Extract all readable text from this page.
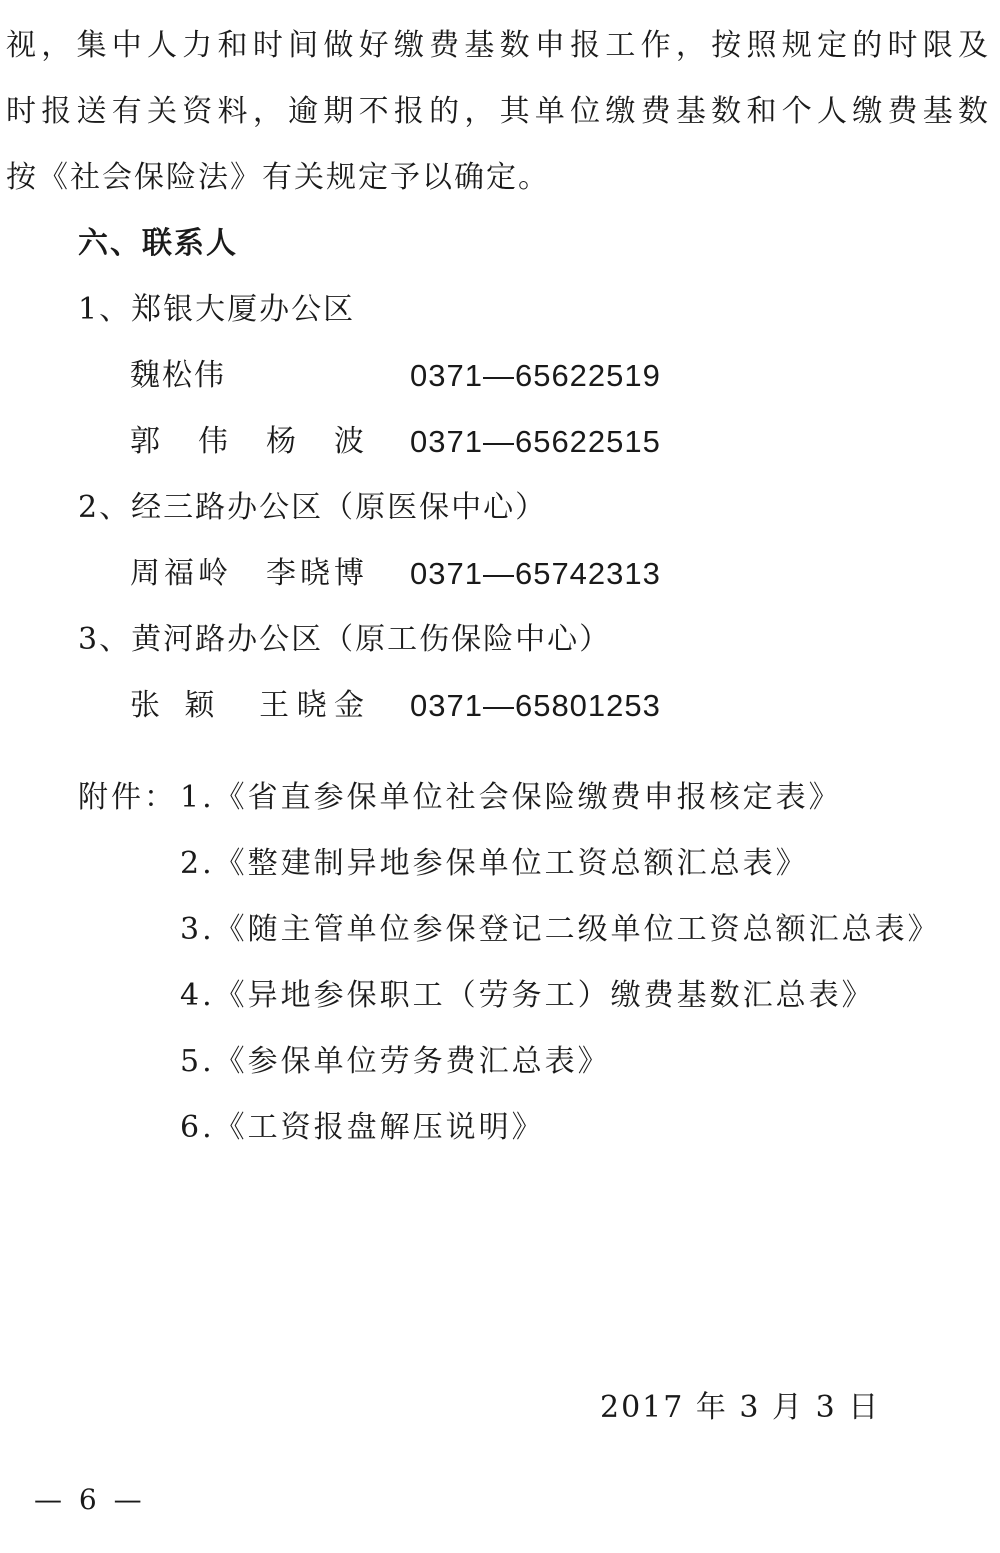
视，集中人力和时间做好缴费基数申报工作，按照规定的时限及
时报送有关资料，逾期不报的，其单位缴费基数和个人缴费基数
按《社会保险法》有关规定予以确定。
六、联系人
1、郑银大厦办公区
魏松伟	0371—65622519
郭 伟 杨 波 0371—65622515
2、经三路办公区（原医保中心）
周福岭　李晓博 0371—65742313
3、黄河路办公区（原工伤保险中心）
张 颖　王晓金 0371—65801253
附件： 1.《省直参保单位社会保险缴费申报核定表》
2.《整建制异地参保单位工资总额汇总表》
3.《随主管单位参保登记二级单位工资总额汇总表》
4.《异地参保职工（劳务工）缴费基数汇总表》
5.《参保单位劳务费汇总表》
6.《工资报盘解压说明》
2017 年 3 月 3 日
— 6 —
